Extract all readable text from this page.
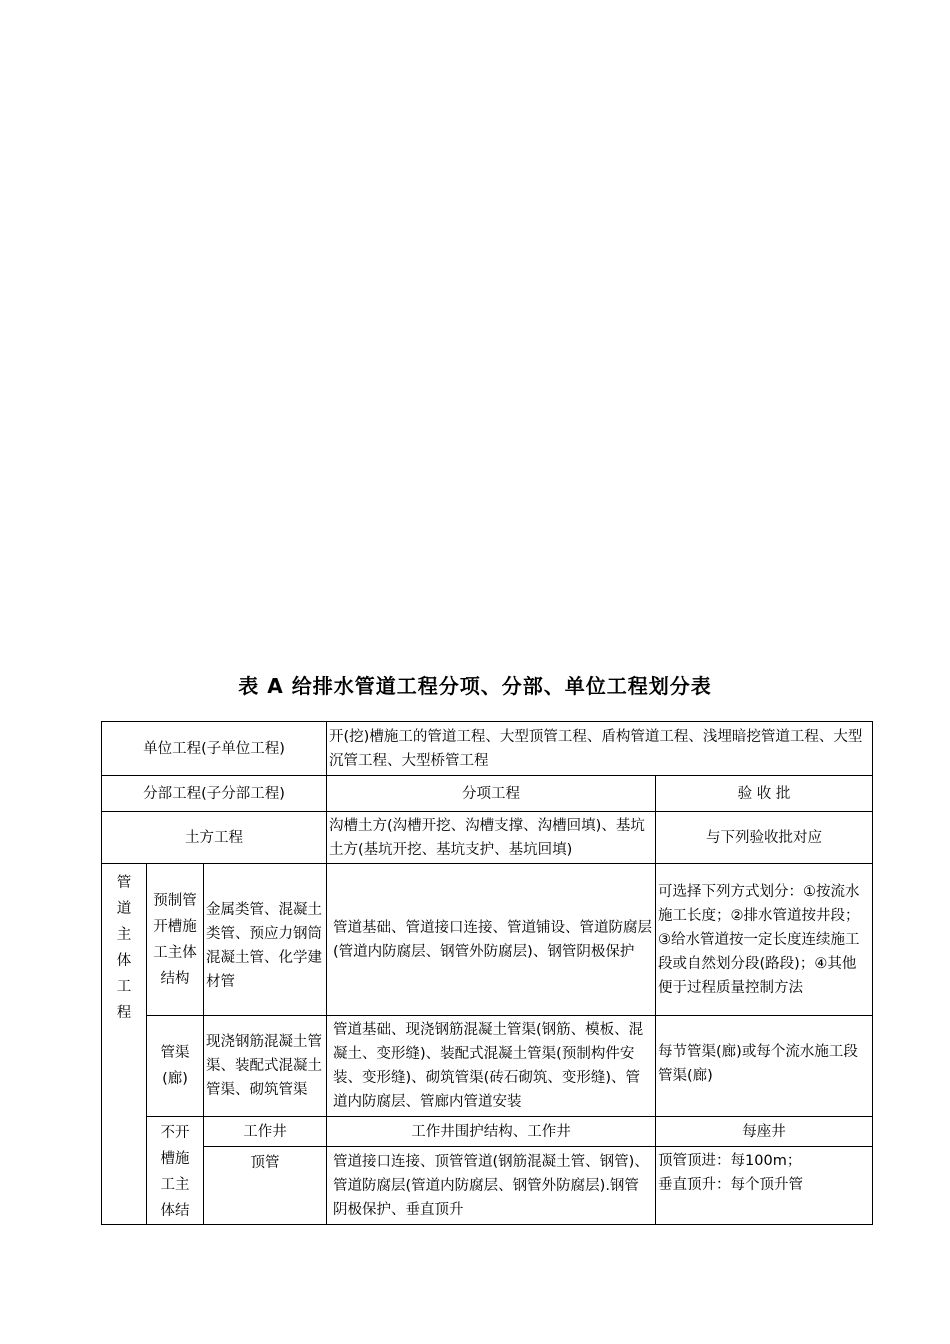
表 A 给排水管道工程分项、分部、单位工程划分表
单位工程(子单位工程)			开(挖)槽施工的管道工程、大型顶管工程、盾构管道工程、浅埋暗挖管道工程、大型沉管工程、大型桥管工程	
分部工程(子分部工程)			分项工程	验 收 批
土方工程			沟槽土方(沟槽开挖、沟槽支撑、沟槽回填)、基坑土方(基坑开挖、基坑支护、基坑回填)	与下列验收批对应
管道主体工程	预制管开槽施工主体结构	金属类管、混凝土类管、预应力钢筒混凝土管、化学建材管	管道基础、管道接口连接、管道铺设、管道防腐层(管道内防腐层、钢管外防腐层)、钢管阴极保护	可选择下列方式划分：①按流水施工长度；②排水管道按井段；③给水管道按一定长度连续施工段或自然划分段(路段)；④其他便于过程质量控制方法
	管渠(廊)	现浇钢筋混凝土管渠、装配式混凝土管渠、砌筑管渠	管道基础、现浇钢筋混凝土管渠(钢筋、模板、混凝土、变形缝)、装配式混凝土管渠(预制构件安装、变形缝)、砌筑管渠(砖石砌筑、变形缝)、管道内防腐层、管廊内管道安装	每节管渠(廊)或每个流水施工段管渠(廊)
	不开槽施工主体结	工作井	工作井围护结构、工作井	每座井
		顶管	管道接口连接、顶管管道(钢筋混凝土管、钢管)、管道防腐层(管道内防腐层、钢管外防腐层).钢管阴极保护、垂直顶升	顶管顶进：每100m；
垂直顶升：每个顶升管
